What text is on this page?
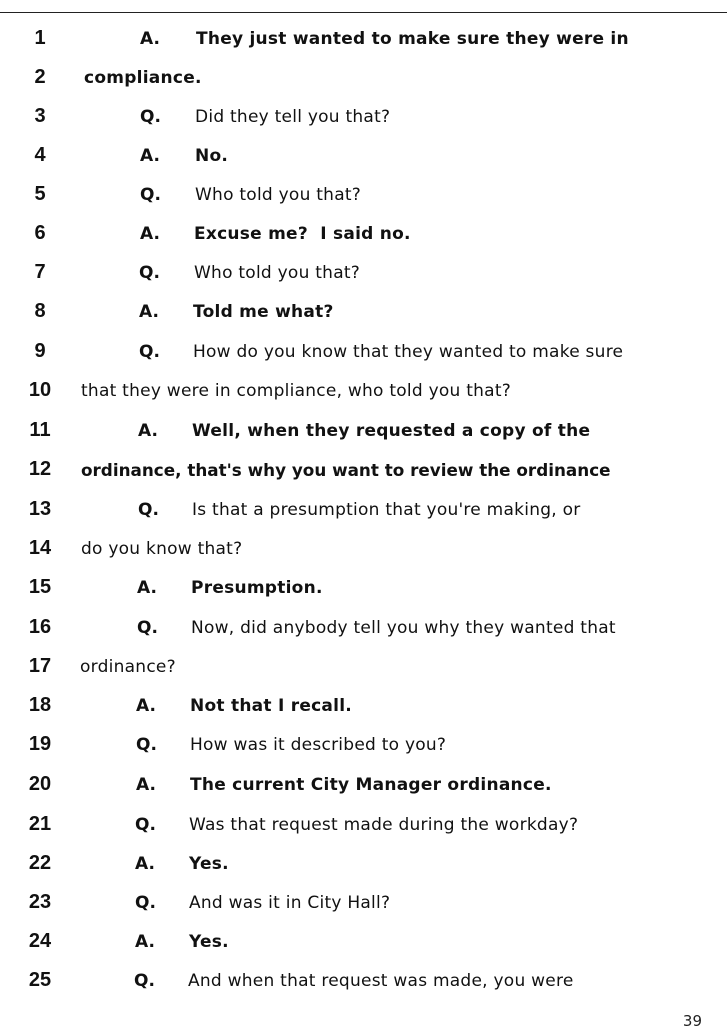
1	A. They just wanted to make sure they were in
2	compliance.
3	Q. Did they tell you that?
4	A. No.
5	Q. Who told you that?
6	A. Excuse me?  I said no.
7	Q. Who told you that?
8	A. Told me what?
9	Q. How do you know that they wanted to make sure
10	that they were in compliance, who told you that?
11	A. Well, when they requested a copy of the
12	ordinance, that's why you want to review the ordinance
13	Q. Is that a presumption that you're making, or
14	do you know that?
15	A. Presumption.
16	Q. Now, did anybody tell you why they wanted that
17	ordinance?
18	A. Not that I recall.
19	Q. How was it described to you?
20	A. The current City Manager ordinance.
21	Q. Was that request made during the workday?
22	A. Yes.
23	Q. And was it in City Hall?
24	A. Yes.
25	Q. And when that request was made, you were
39
